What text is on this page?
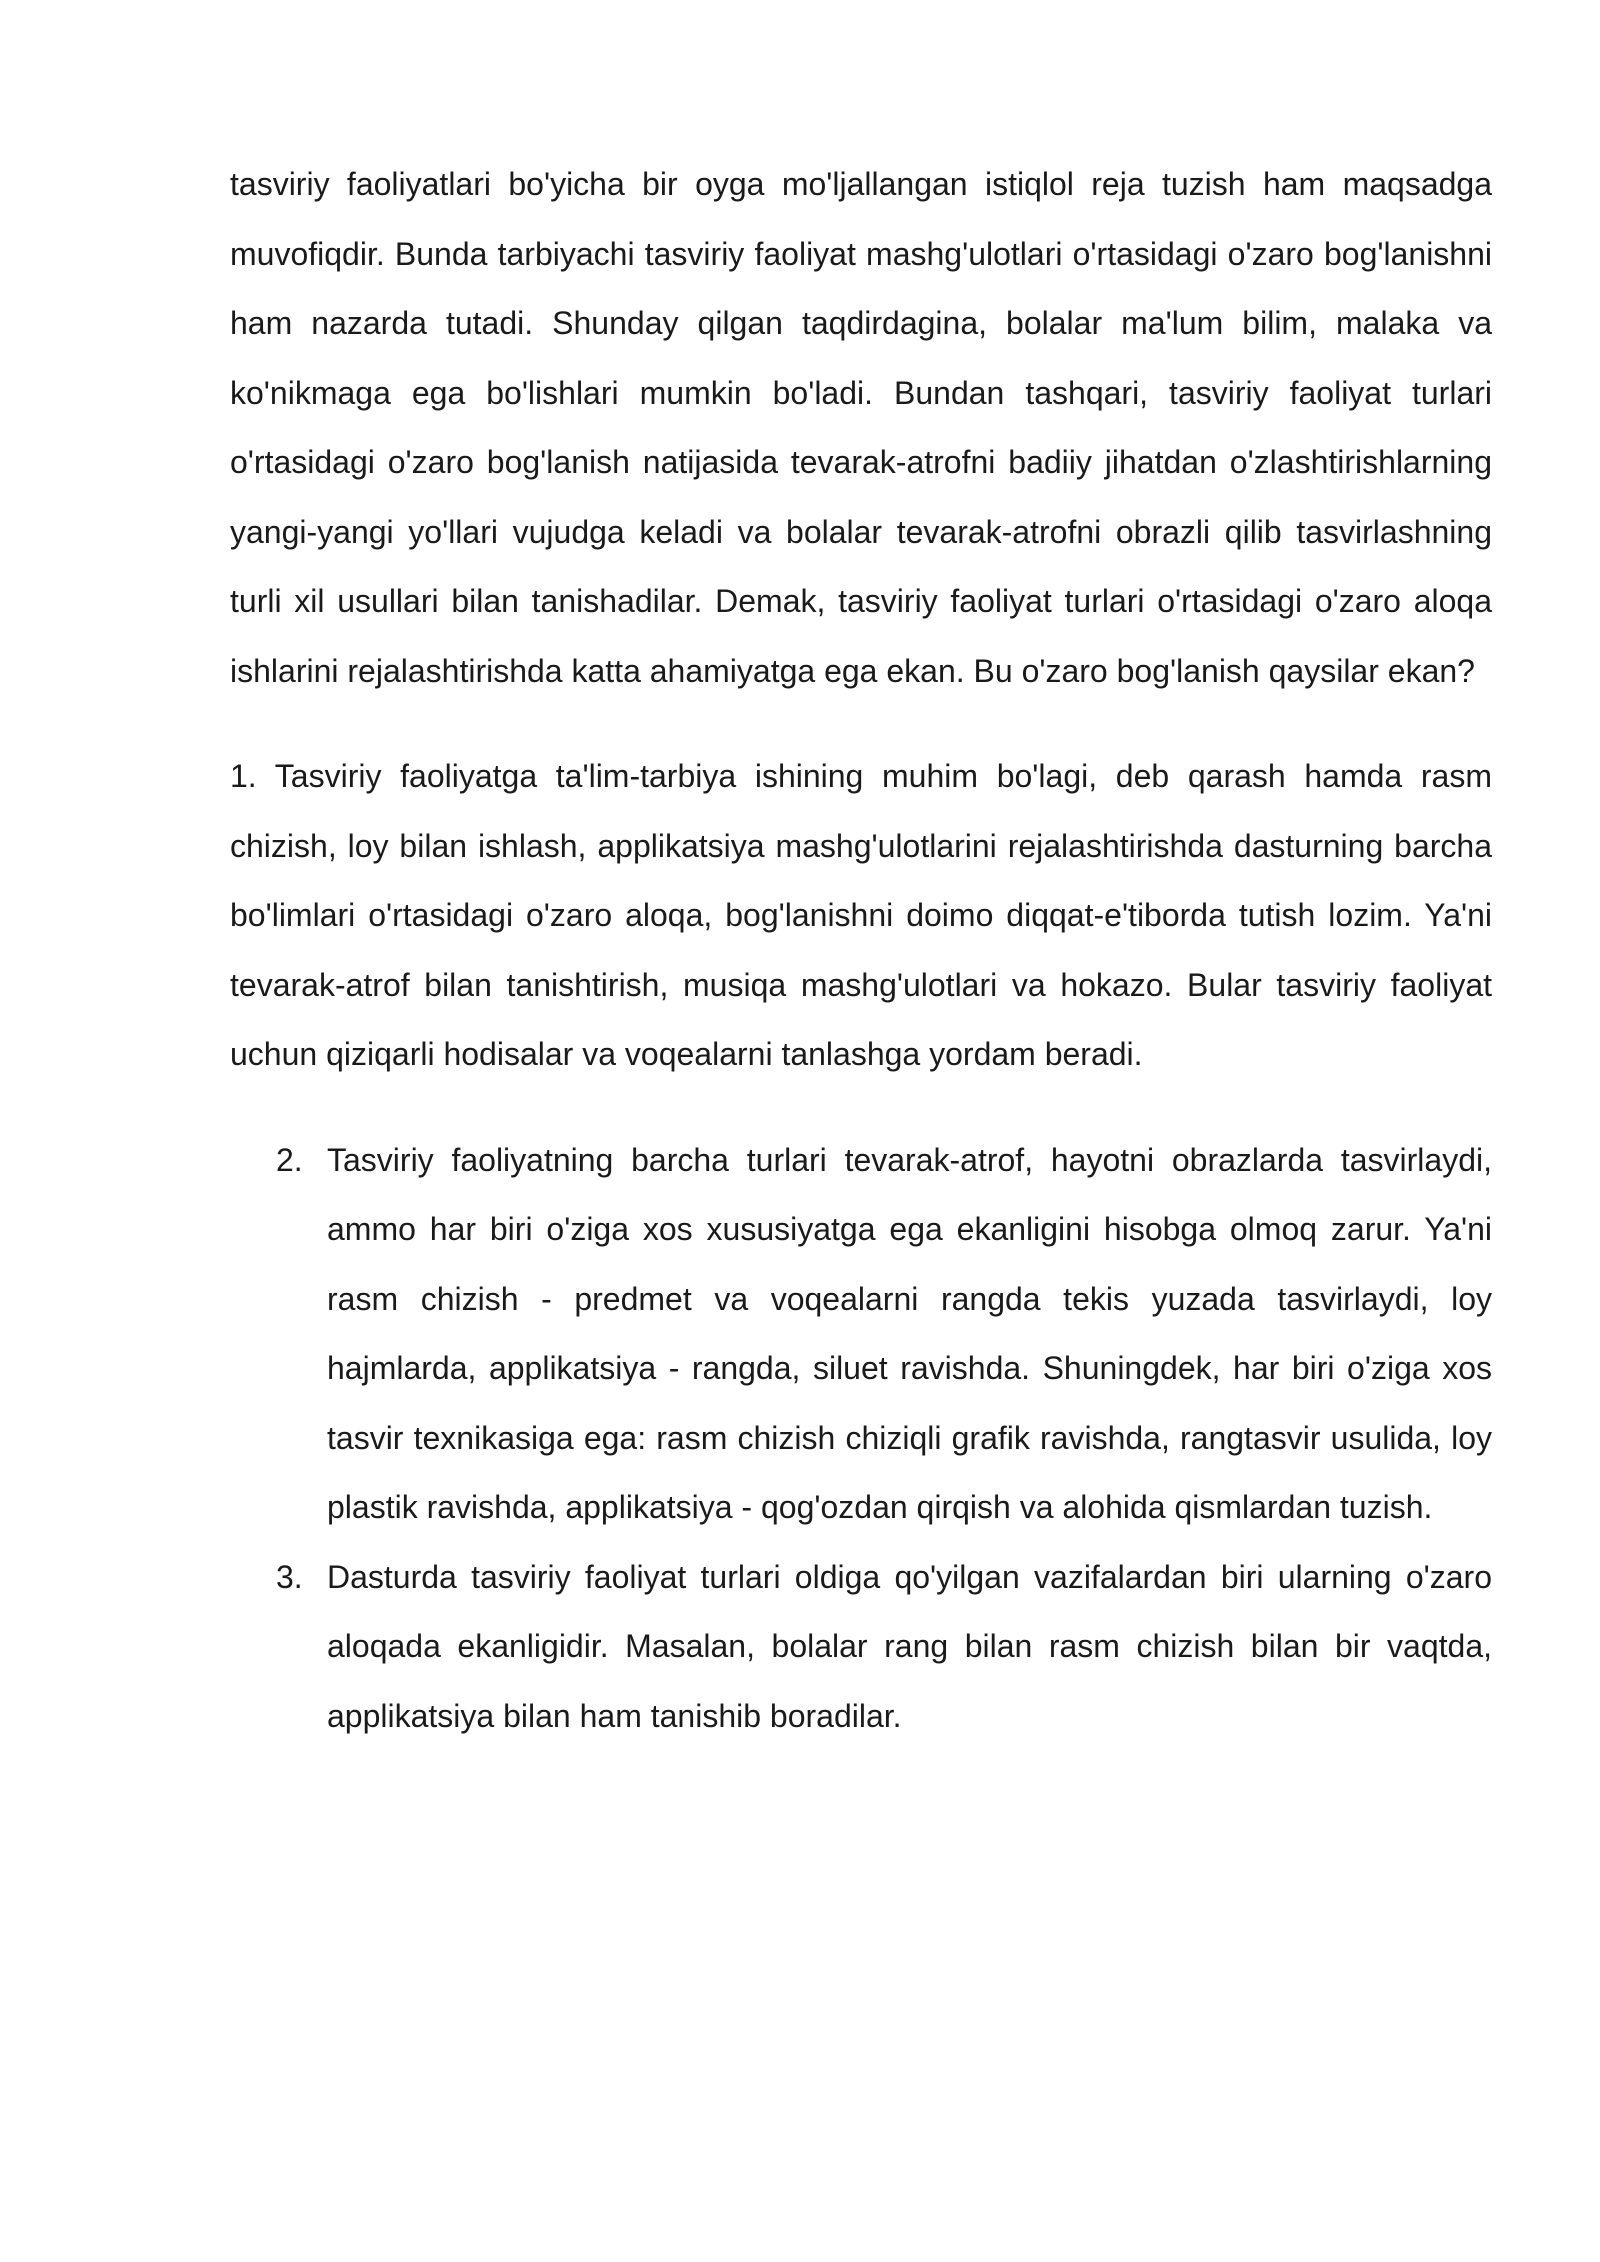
tasviriy faoliyatlari bo'yicha bir oyga mo'ljallangan istiqlol reja tuzish ham maqsadga muvofiqdir. Bunda tarbiyachi tasviriy faoliyat mashg'ulotlari o'rtasidagi o'zaro bog'lanishni ham nazarda tutadi. Shunday qilgan taqdirdagina, bolalar ma'lum bilim, malaka va ko'nikmaga ega bo'lishlari mumkin bo'ladi. Bundan tashqari, tasviriy faoliyat turlari o'rtasidagi o'zaro bog'lanish natijasida tevarak-atrofni badiiy jihatdan o'zlashtirishlarning yangi-yangi yo'llari vujudga keladi va bolalar tevarak-atrofni obrazli qilib tasvirlashning turli xil usullari bilan tanishadilar. Demak, tasviriy faoliyat turlari o'rtasidagi o'zaro aloqa ishlarini rejalashtirishda katta ahamiyatga ega ekan. Bu o'zaro bog'lanish qaysilar ekan?

1. Tasviriy faoliyatga ta'lim-tarbiya ishining muhim bo'lagi, deb qarash hamda rasm chizish, loy bilan ishlash, applikatsiya mashg'ulotlarini rejalashtirishda dasturning barcha bo'limlari o'rtasidagi o'zaro aloqa, bog'lanishni doimo diqqat-e'tiborda tutish lozim. Ya'ni tevarak-atrof bilan tanishtirish, musiqa mashg'ulotlari va hokazo. Bular tasviriy faoliyat uchun qiziqarli hodisalar va voqealarni tanlashga yordam beradi.

2. Tasviriy faoliyatning barcha turlari tevarak-atrof, hayotni obrazlarda tasvirlaydi, ammo har biri o'ziga xos xususiyatga ega ekanligini hisobga olmoq zarur. Ya'ni rasm chizish - predmet va voqealarni rangda tekis yuzada tasvirlaydi, loy hajmlarda, applikatsiya - rangda, siluet ravishda. Shuningdek, har biri o'ziga xos tasvir texnikasiga ega: rasm chizish chiziqli grafik ravishda, rangtasvir usulida, loy plastik ravishda, applikatsiya - qog'ozdan qirqish va alohida qismlardan tuzish.
3. Dasturda tasviriy faoliyat turlari oldiga qo'yilgan vazifalardan biri ularning o'zaro aloqada ekanligidir. Masalan, bolalar rang bilan rasm chizish bilan bir vaqtda, applikatsiya bilan ham tanishib boradilar.
